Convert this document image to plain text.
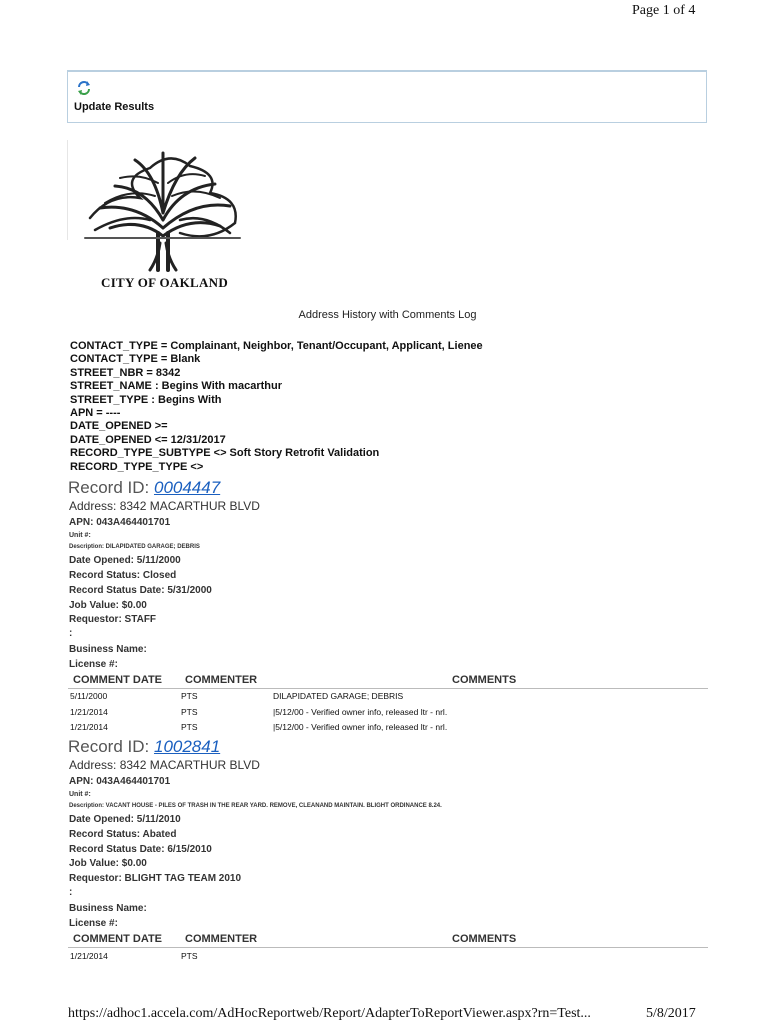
Page 1 of 4
Update Results
CITY OF OAKLAND
Address History with Comments Log
CONTACT_TYPE = Complainant, Neighbor, Tenant/Occupant, Applicant, Lienee
CONTACT_TYPE = Blank
STREET_NBR = 8342
STREET_NAME : Begins With macarthur
STREET_TYPE : Begins With
APN = ----
DATE_OPENED >=
DATE_OPENED <= 12/31/2017
RECORD_TYPE_SUBTYPE <> Soft Story Retrofit Validation
RECORD_TYPE_TYPE <>
Record ID: 0004447
Address: 8342 MACARTHUR BLVD
APN: 043A464401701
Unit #:
Description: DILAPIDATED GARAGE; DEBRIS
Date Opened: 5/11/2000
Record Status: Closed
Record Status Date: 5/31/2000
Job Value: $0.00
Requestor: STAFF
:
Business Name:
License #:
COMMENT DATE COMMENTER	COMMENTS
5/11/2000	PTS	DILAPIDATED GARAGE; DEBRIS
1/21/2014	PTS	|5/12/00 - Verified owner info, released ltr - nrl.
1/21/2014	PTS	|5/12/00 - Verified owner info, released ltr - nrl.
Record ID: 1002841
Address: 8342 MACARTHUR BLVD
APN: 043A464401701
Unit #:
Description: VACANT HOUSE - PILES OF TRASH IN THE REAR YARD. REMOVE, CLEANAND MAINTAIN. BLIGHT ORDINANCE 8.24.
Date Opened: 5/11/2010
Record Status: Abated
Record Status Date: 6/15/2010
Job Value: $0.00
Requestor: BLIGHT TAG TEAM 2010
:
Business Name:
License #:
COMMENT DATE COMMENTER	COMMENTS
1/21/2014	PTS
https://adhoc1.accela.com/AdHocReportweb/Report/AdapterToReportViewer.aspx?rn=Test...	5/8/2017
